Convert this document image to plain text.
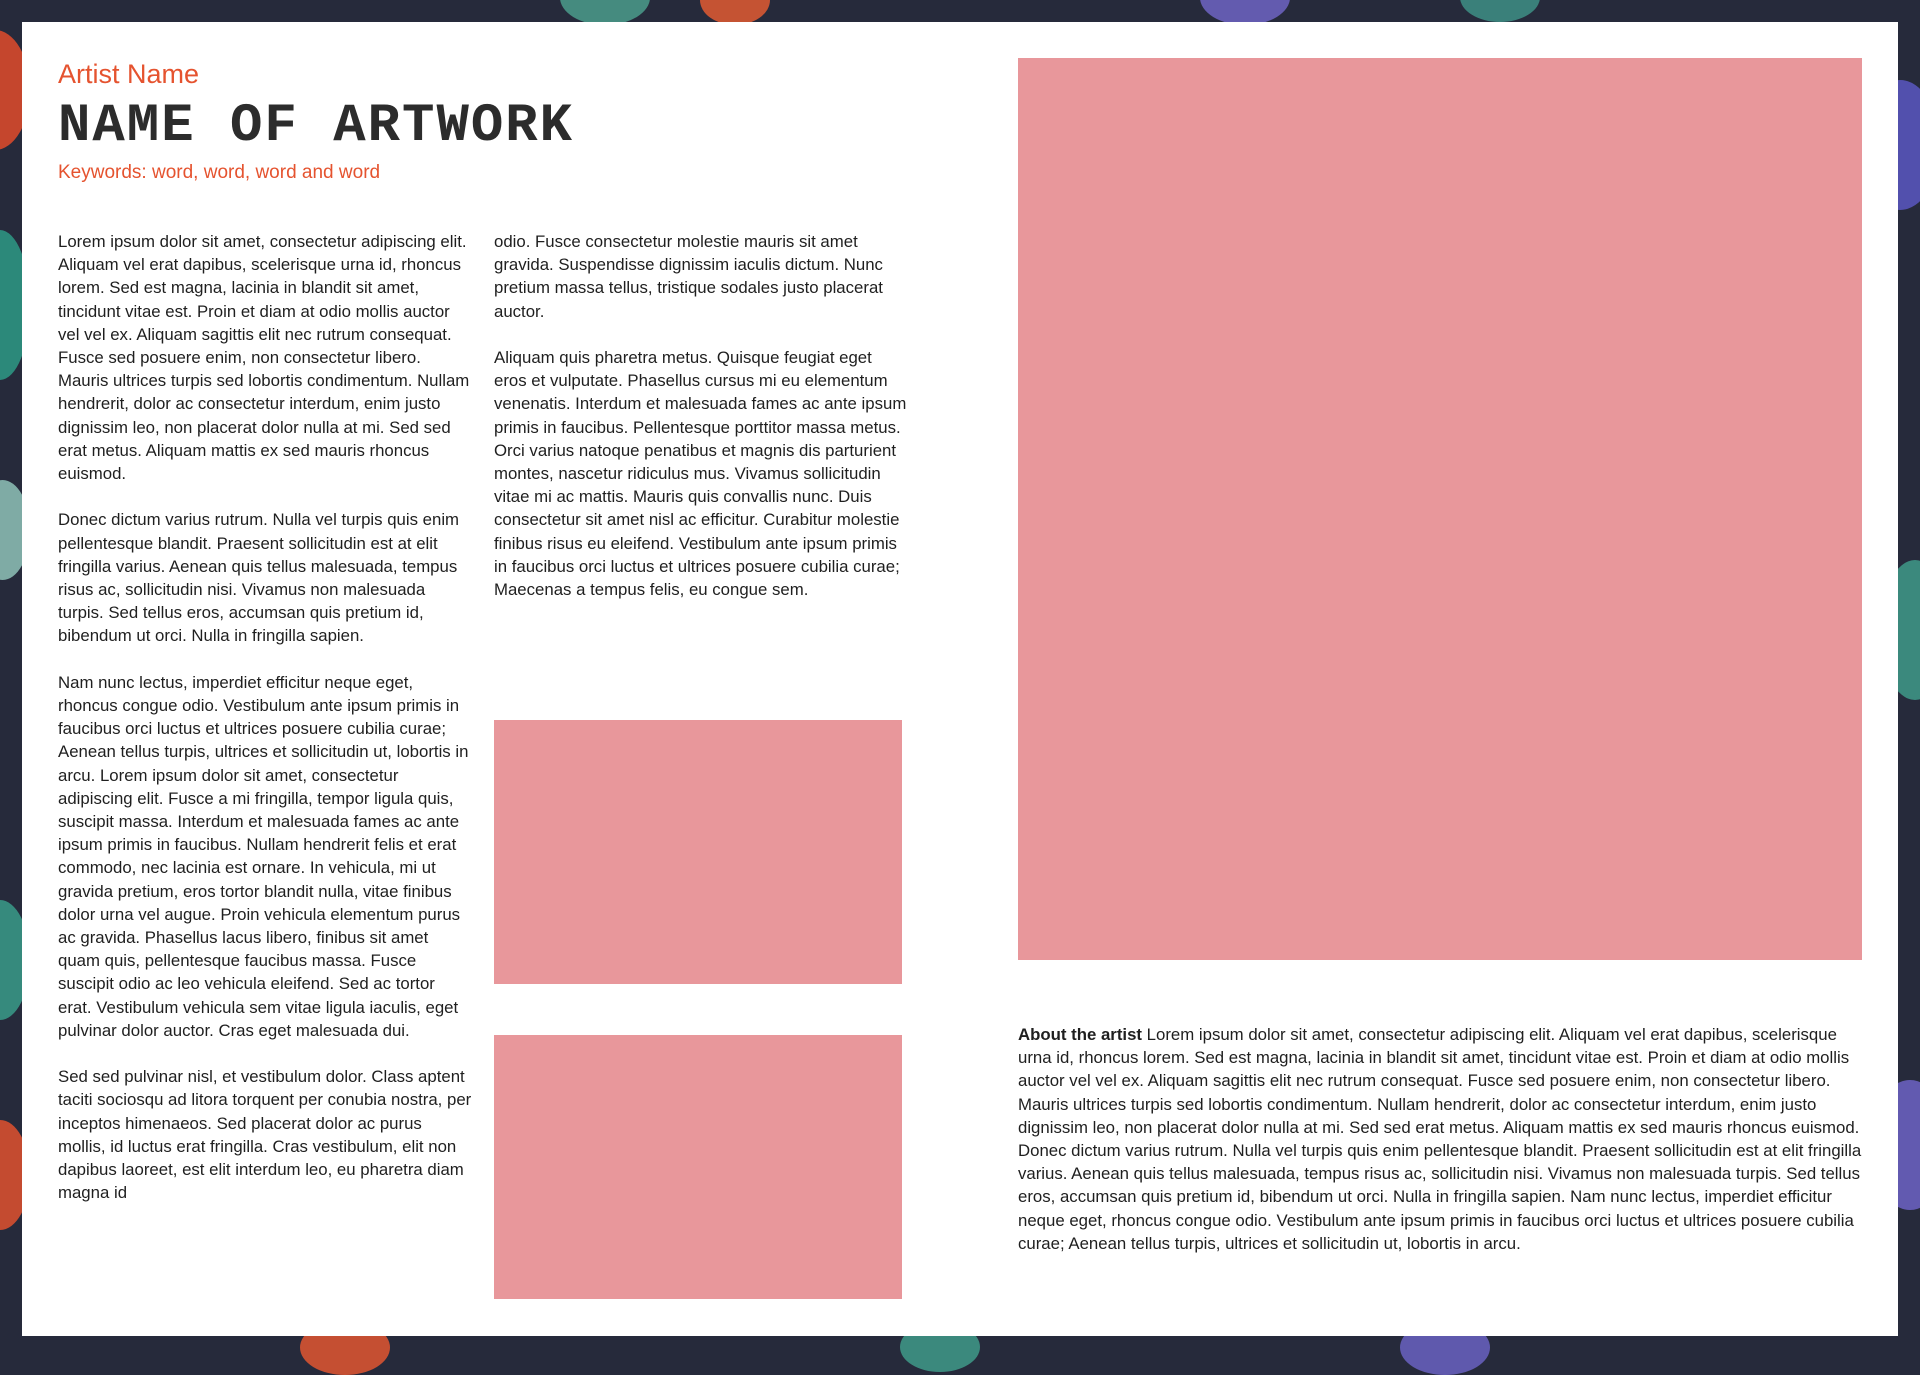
Artist Name
NAME OF ARTWORK
Keywords: word, word, word and word

Lorem ipsum dolor sit amet, consectetur adipiscing elit. Aliquam vel erat dapibus, scelerisque urna id, rhoncus lorem. Sed est magna, lacinia in blandit sit amet, tincidunt vitae est. Proin et diam at odio mollis auctor vel vel ex. Aliquam sagittis elit nec rutrum consequat. Fusce sed posuere enim, non consectetur libero. Mauris ultrices turpis sed lobortis condimentum. Nullam hendrerit, dolor ac consectetur interdum, enim justo dignissim leo, non placerat dolor nulla at mi. Sed sed erat metus. Aliquam mattis ex sed mauris rhoncus euismod.

Donec dictum varius rutrum. Nulla vel turpis quis enim pellentesque blandit. Praesent sollicitudin est at elit fringilla varius. Aenean quis tellus malesuada, tempus risus ac, sollicitudin nisi. Vivamus non malesuada turpis. Sed tellus eros, accumsan quis pretium id, bibendum ut orci. Nulla in fringilla sapien.

Nam nunc lectus, imperdiet efficitur neque eget, rhoncus congue odio. Vestibulum ante ipsum primis in faucibus orci luctus et ultrices posuere cubilia curae; Aenean tellus turpis, ultrices et sollicitudin ut, lobortis in arcu. Lorem ipsum dolor sit amet, consectetur adipiscing elit. Fusce a mi fringilla, tempor ligula quis, suscipit massa. Interdum et malesuada fames ac ante ipsum primis in faucibus. Nullam hendrerit felis et erat commodo, nec lacinia est ornare. In vehicula, mi ut gravida pretium, eros tortor blandit nulla, vitae finibus dolor urna vel augue. Proin vehicula elementum purus ac gravida. Phasellus lacus libero, finibus sit amet quam quis, pellentesque faucibus massa. Fusce suscipit odio ac leo vehicula eleifend. Sed ac tortor erat. Vestibulum vehicula sem vitae ligula iaculis, eget pulvinar dolor auctor. Cras eget malesuada dui.

Sed sed pulvinar nisl, et vestibulum dolor. Class aptent taciti sociosqu ad litora torquent per conubia nostra, per inceptos himenaeos. Sed placerat dolor ac purus mollis, id luctus erat fringilla. Cras vestibulum, elit non dapibus laoreet, est elit interdum leo, eu pharetra diam magna id

odio. Fusce consectetur molestie mauris sit amet gravida. Suspendisse dignissim iaculis dictum. Nunc pretium massa tellus, tristique sodales justo placerat auctor.

Aliquam quis pharetra metus. Quisque feugiat eget eros et vulputate. Phasellus cursus mi eu elementum venenatis. Interdum et malesuada fames ac ante ipsum primis in faucibus. Pellentesque porttitor massa metus. Orci varius natoque penatibus et magnis dis parturient montes, nascetur ridiculus mus. Vivamus sollicitudin vitae mi ac mattis. Mauris quis convallis nunc. Duis consectetur sit amet nisl ac efficitur. Curabitur molestie finibus risus eu eleifend. Vestibulum ante ipsum primis in faucibus orci luctus et ultrices posuere cubilia curae; Maecenas a tempus felis, eu congue sem.

About the artist Lorem ipsum dolor sit amet, consectetur adipiscing elit. Aliquam vel erat dapibus, scelerisque urna id, rhoncus lorem. Sed est magna, lacinia in blandit sit amet, tincidunt vitae est. Proin et diam at odio mollis auctor vel vel ex. Aliquam sagittis elit nec rutrum consequat. Fusce sed posuere enim, non consectetur libero. Mauris ultrices turpis sed lobortis condimentum. Nullam hendrerit, dolor ac consectetur interdum, enim justo dignissim leo, non placerat dolor nulla at mi. Sed sed erat metus. Aliquam mattis ex sed mauris rhoncus euismod. Donec dictum varius rutrum. Nulla vel turpis quis enim pellentesque blandit. Praesent sollicitudin est at elit fringilla varius. Aenean quis tellus malesuada, tempus risus ac, sollicitudin nisi. Vivamus non malesuada turpis. Sed tellus eros, accumsan quis pretium id, bibendum ut orci. Nulla in fringilla sapien. Nam nunc lectus, imperdiet efficitur neque eget, rhoncus congue odio. Vestibulum ante ipsum primis in faucibus orci luctus et ultrices posuere cubilia curae; Aenean tellus turpis, ultrices et sollicitudin ut, lobortis in arcu.
